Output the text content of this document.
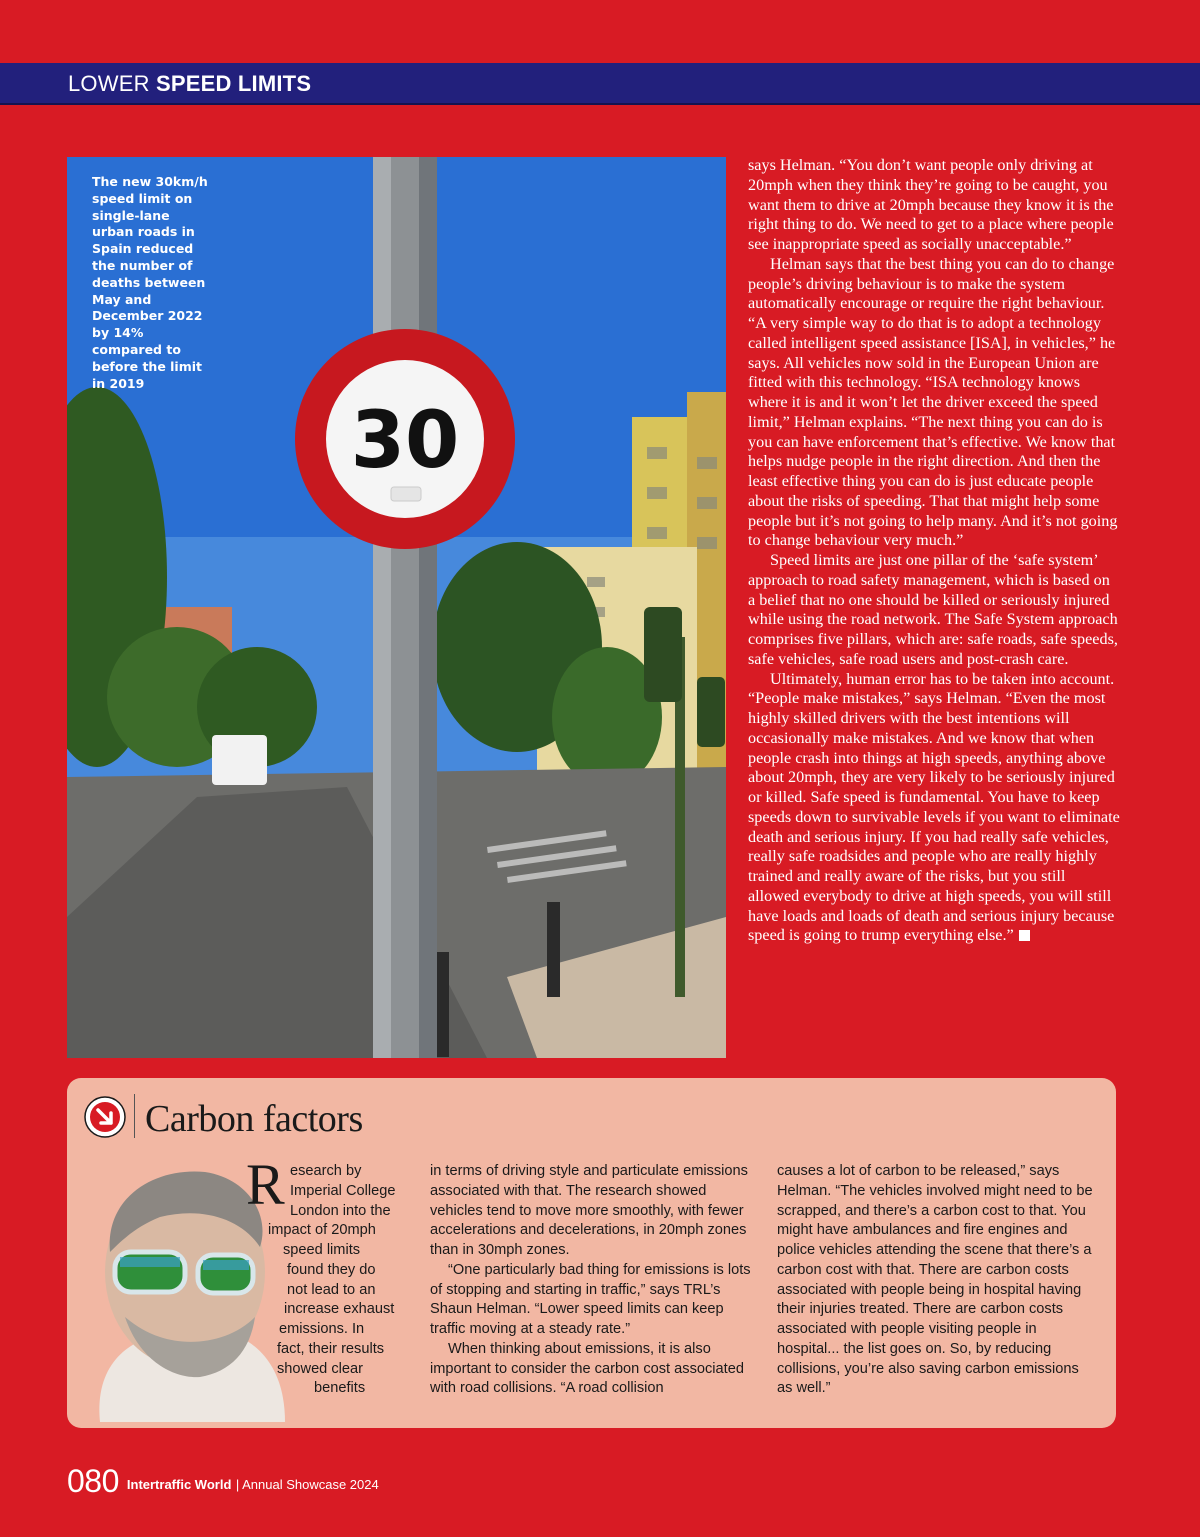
LOWER SPEED LIMITS
30

The new 30km/h speed limit on single-lane urban roads in Spain reduced the number of deaths between May and December 2022 by 14% compared to before the limit in 2019

says Helman. “You don’t want people only driving at 20mph when they think they’re going to be caught, you want them to drive at 20mph because they know it is the right thing to do. We need to get to a place where people see inappropriate speed as socially unacceptable.”

Helman says that the best thing you can do to change people’s driving behaviour is to make the system automatically encourage or require the right behaviour. “A very simple way to do that is to adopt a technology called intelligent speed assistance [ISA], in vehicles,” he says. All vehicles now sold in the European Union are fitted with this technology. “ISA technology knows where it is and it won’t let the driver exceed the speed limit,” Helman explains. “The next thing you can do is you can have enforcement that’s effective. We know that helps nudge people in the right direction. And then the least effective thing you can do is just educate people about the risks of speeding. That that might help some people but it’s not going to help many. And it’s not going to change behaviour very much.”

Speed limits are just one pillar of the ‘safe system’ approach to road safety management, which is based on a belief that no one should be killed or seriously injured while using the road network. The Safe System approach comprises five pillars, which are: safe roads, safe speeds, safe vehicles, safe road users and post-crash care.

Ultimately, human error has to be taken into account. “People make mistakes,” says Helman. “Even the most highly skilled drivers with the best intentions will occasionally make mistakes. And we know that when people crash into things at high speeds, anything above about 20mph, they are very likely to be seriously injured or killed. Safe speed is fundamental. You have to keep speeds down to survivable levels if you want to eliminate death and serious injury. If you had really safe vehicles, really safe roadsides and people who are really highly trained and really aware of the risks, but you still allowed everybody to drive at high speeds, you will still have loads and loads of death and serious injury because speed is going to trump everything else.”

Carbon factors
R esearch by
Imperial College
London into the
impact of 20mph
speed limits
found they do
not lead to an
increase exhaust
emissions. In
fact, their results
showed clear
benefits

in terms of driving style and particulate emissions associated with that. The research showed vehicles tend to move more smoothly, with fewer accelerations and decelerations, in 20mph zones than in 30mph zones.

“One particularly bad thing for emissions is lots of stopping and starting in traffic,” says TRL’s Shaun Helman. “Lower speed limits can keep traffic moving at a steady rate.”

When thinking about emissions, it is also important to consider the carbon cost associated with road collisions. “A road collision

causes a lot of carbon to be released,” says Helman. “The vehicles involved might need to be scrapped, and there’s a carbon cost to that. You might have ambulances and fire engines and police vehicles attending the scene that there’s a carbon cost with that. There are carbon costs associated with people being in hospital having their injuries treated. There are carbon costs associated with people visiting people in hospital... the list goes on. So, by reducing collisions, you’re also saving carbon emissions as well.”

080 Intertraffic World | Annual Showcase 2024
